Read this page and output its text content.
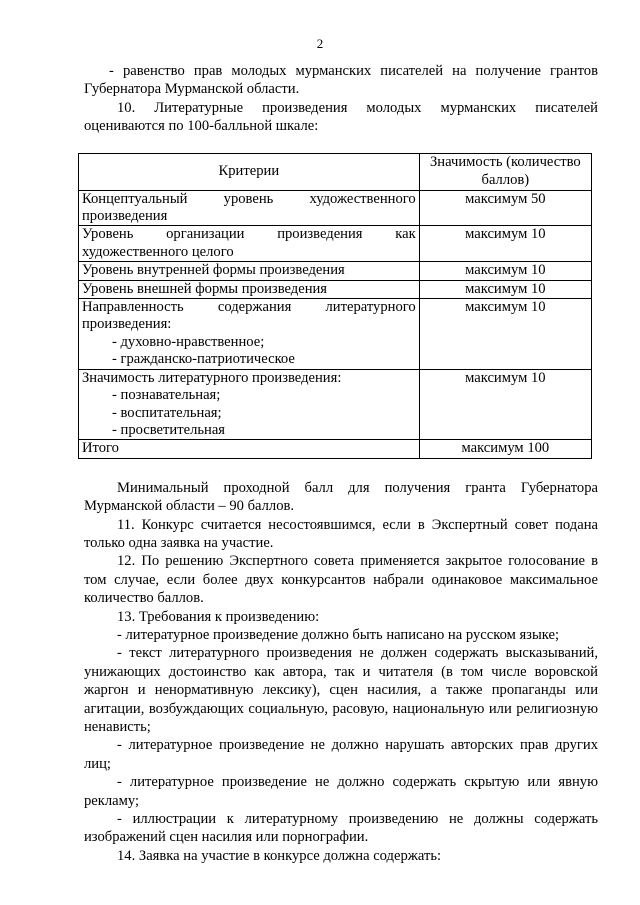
2

- равенство прав молодых мурманских писателей на получение грантов Губернатора Мурманской области.

10. Литературные произведения молодых мурманских писателей оцениваются по 100-балльной шкале:

Критерии	Значимость (количество баллов)

Концептуальный уровень художественного произведения	максимум 50

Уровень организации произведения как художественного целого	максимум 10

Уровень внутренней формы произведения	максимум 10

Уровень внешней формы произведения	максимум 10

Направленность содержания литературного произведения:
- духовно-нравственное;
- гражданско-патриотическое	максимум 10

Значимость литературного произведения:
- познавательная;
- воспитательная;
- просветительная	максимум 10

Итого	максимум 100

Минимальный проходной балл для получения гранта Губернатора Мурманской области – 90 баллов.

11. Конкурс считается несостоявшимся, если в Экспертный совет подана только одна заявка на участие.

12. По решению Экспертного совета применяется закрытое голосование в том случае, если более двух конкурсантов набрали одинаковое максимальное количество баллов.

13. Требования к произведению:

- литературное произведение должно быть написано на русском языке;

- текст литературного произведения не должен содержать высказываний, унижающих достоинство как автора, так и читателя (в том числе воровской жаргон и ненормативную лексику), сцен насилия, а также пропаганды или агитации, возбуждающих социальную, расовую, национальную или религиозную ненависть;

- литературное произведение не должно нарушать авторских прав других лиц;

- литературное произведение не должно содержать скрытую или явную рекламу;

- иллюстрации к литературному произведению не должны содержать изображений сцен насилия или порнографии.

14. Заявка на участие в конкурсе должна содержать:
